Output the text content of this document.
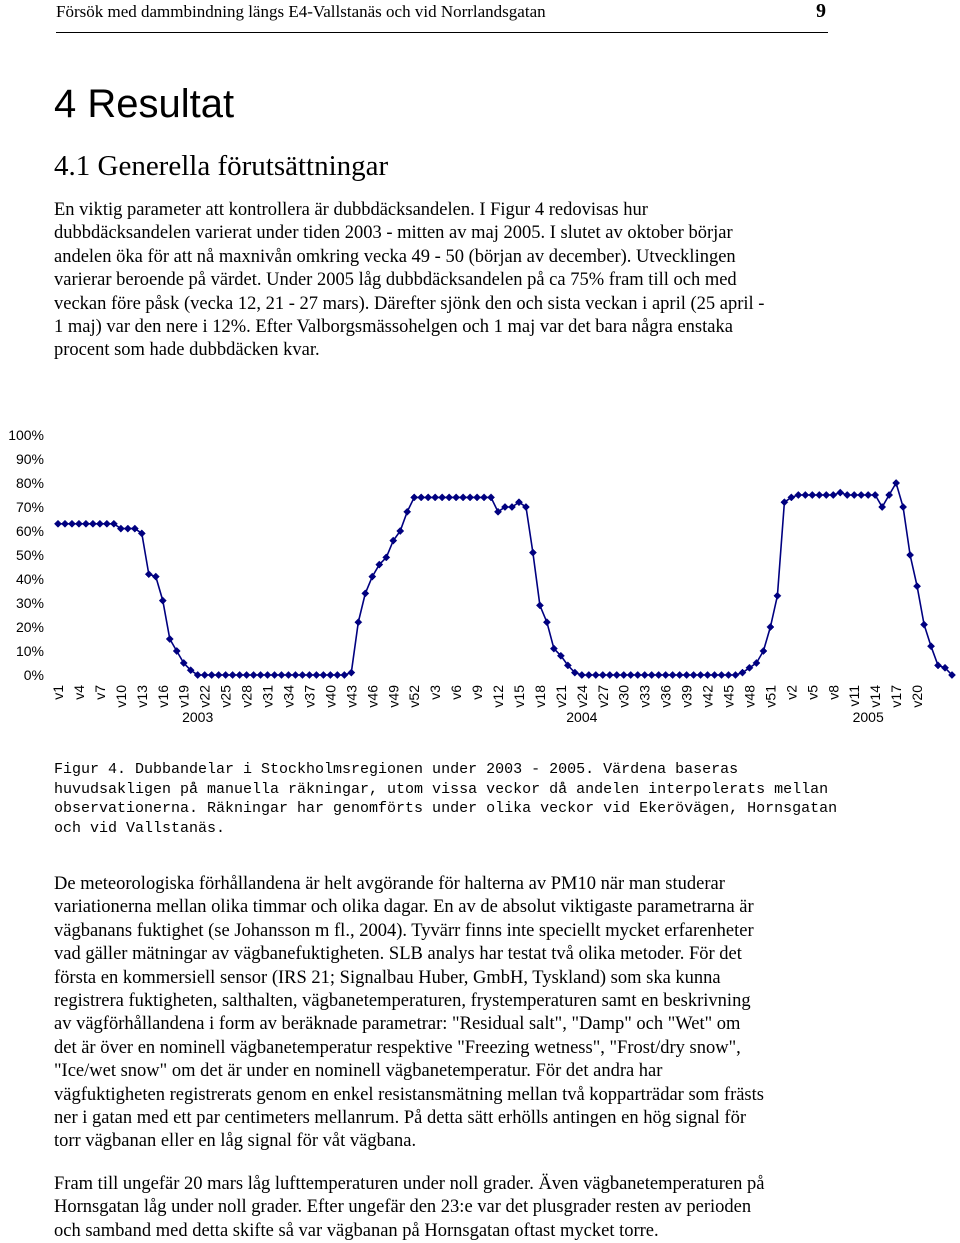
Försök med dammbindning längs E4-Vallstanäs och vid Norrlandsgatan	9
4 Resultat
4.1 Generella förutsättningar

En viktig parameter att kontrollera är dubbdäcksandelen. I Figur 4 redovisas hur
dubbdäcksandelen varierat under tiden 2003 - mitten av maj 2005. I slutet av oktober börjar
andelen öka för att nå maxnivån omkring vecka 49 - 50 (början av december). Utvecklingen
varierar beroende på värdet. Under 2005 låg dubbdäcksandelen på ca 75% fram till och med
veckan före påsk (vecka 12, 21 - 27 mars). Därefter sjönk den och sista veckan i april (25 april -
1 maj) var den nere i 12%. Efter Valborgsmässohelgen och 1 maj var det bara några enstaka
procent som hade dubbdäcken kvar.

0%
10%
20%
30%
40%
50%
60%
70%
80%
90%
100%
v1 v4 v7 v10 v13 v16 v19 v22 v25 v28 v31 v34 v37 v40 v43 v46 v49 v52 v3 v6 v9 v12 v15 v18 v21 v24 v27 v30 v33 v36 v39 v42 v45 v48 v51 v2 v5 v8 v11 v14 v17 v20
2003	2004	2005

Figur 4. Dubbandelar i Stockholmsregionen under 2003 - 2005. Värdena baseras
huvudsakligen på manuella räkningar, utom vissa veckor då andelen interpolerats mellan
observationerna. Räkningar har genomförts under olika veckor vid Ekerövägen, Hornsgatan
och vid Vallstanäs.

De meteorologiska förhållandena är helt avgörande för halterna av PM10 när man studerar
variationerna mellan olika timmar och olika dagar. En av de absolut viktigaste parametrarna är
vägbanans fuktighet (se Johansson m fl., 2004). Tyvärr finns inte speciellt mycket erfarenheter
vad gäller mätningar av vägbanefuktigheten. SLB analys har testat två olika metoder. För det
första en kommersiell sensor (IRS 21; Signalbau Huber, GmbH, Tyskland) som ska kunna
registrera fuktigheten, salthalten, vägbanetemperaturen, frystemperaturen samt en beskrivning
av vägförhållandena i form av beräknade parametrar: "Residual salt", "Damp" och "Wet" om
det är över en nominell vägbanetemperatur respektive "Freezing wetness", "Frost/dry snow",
"Ice/wet snow" om det är under en nominell vägbanetemperatur. För det andra har
vägfuktigheten registrerats genom en enkel resistansmätning mellan två kopparträdar som frästs
ner i gatan med ett par centimeters mellanrum. På detta sätt erhölls antingen en hög signal för
torr vägbanan eller en låg signal för våt vägbana.

Fram till ungefär 20 mars låg lufttemperaturen under noll grader. Även vägbanetemperaturen på
Hornsgatan låg under noll grader. Efter ungefär den 23:e var det plusgrader resten av perioden
och samband med detta skifte så var vägbanan på Hornsgatan oftast mycket torre.
